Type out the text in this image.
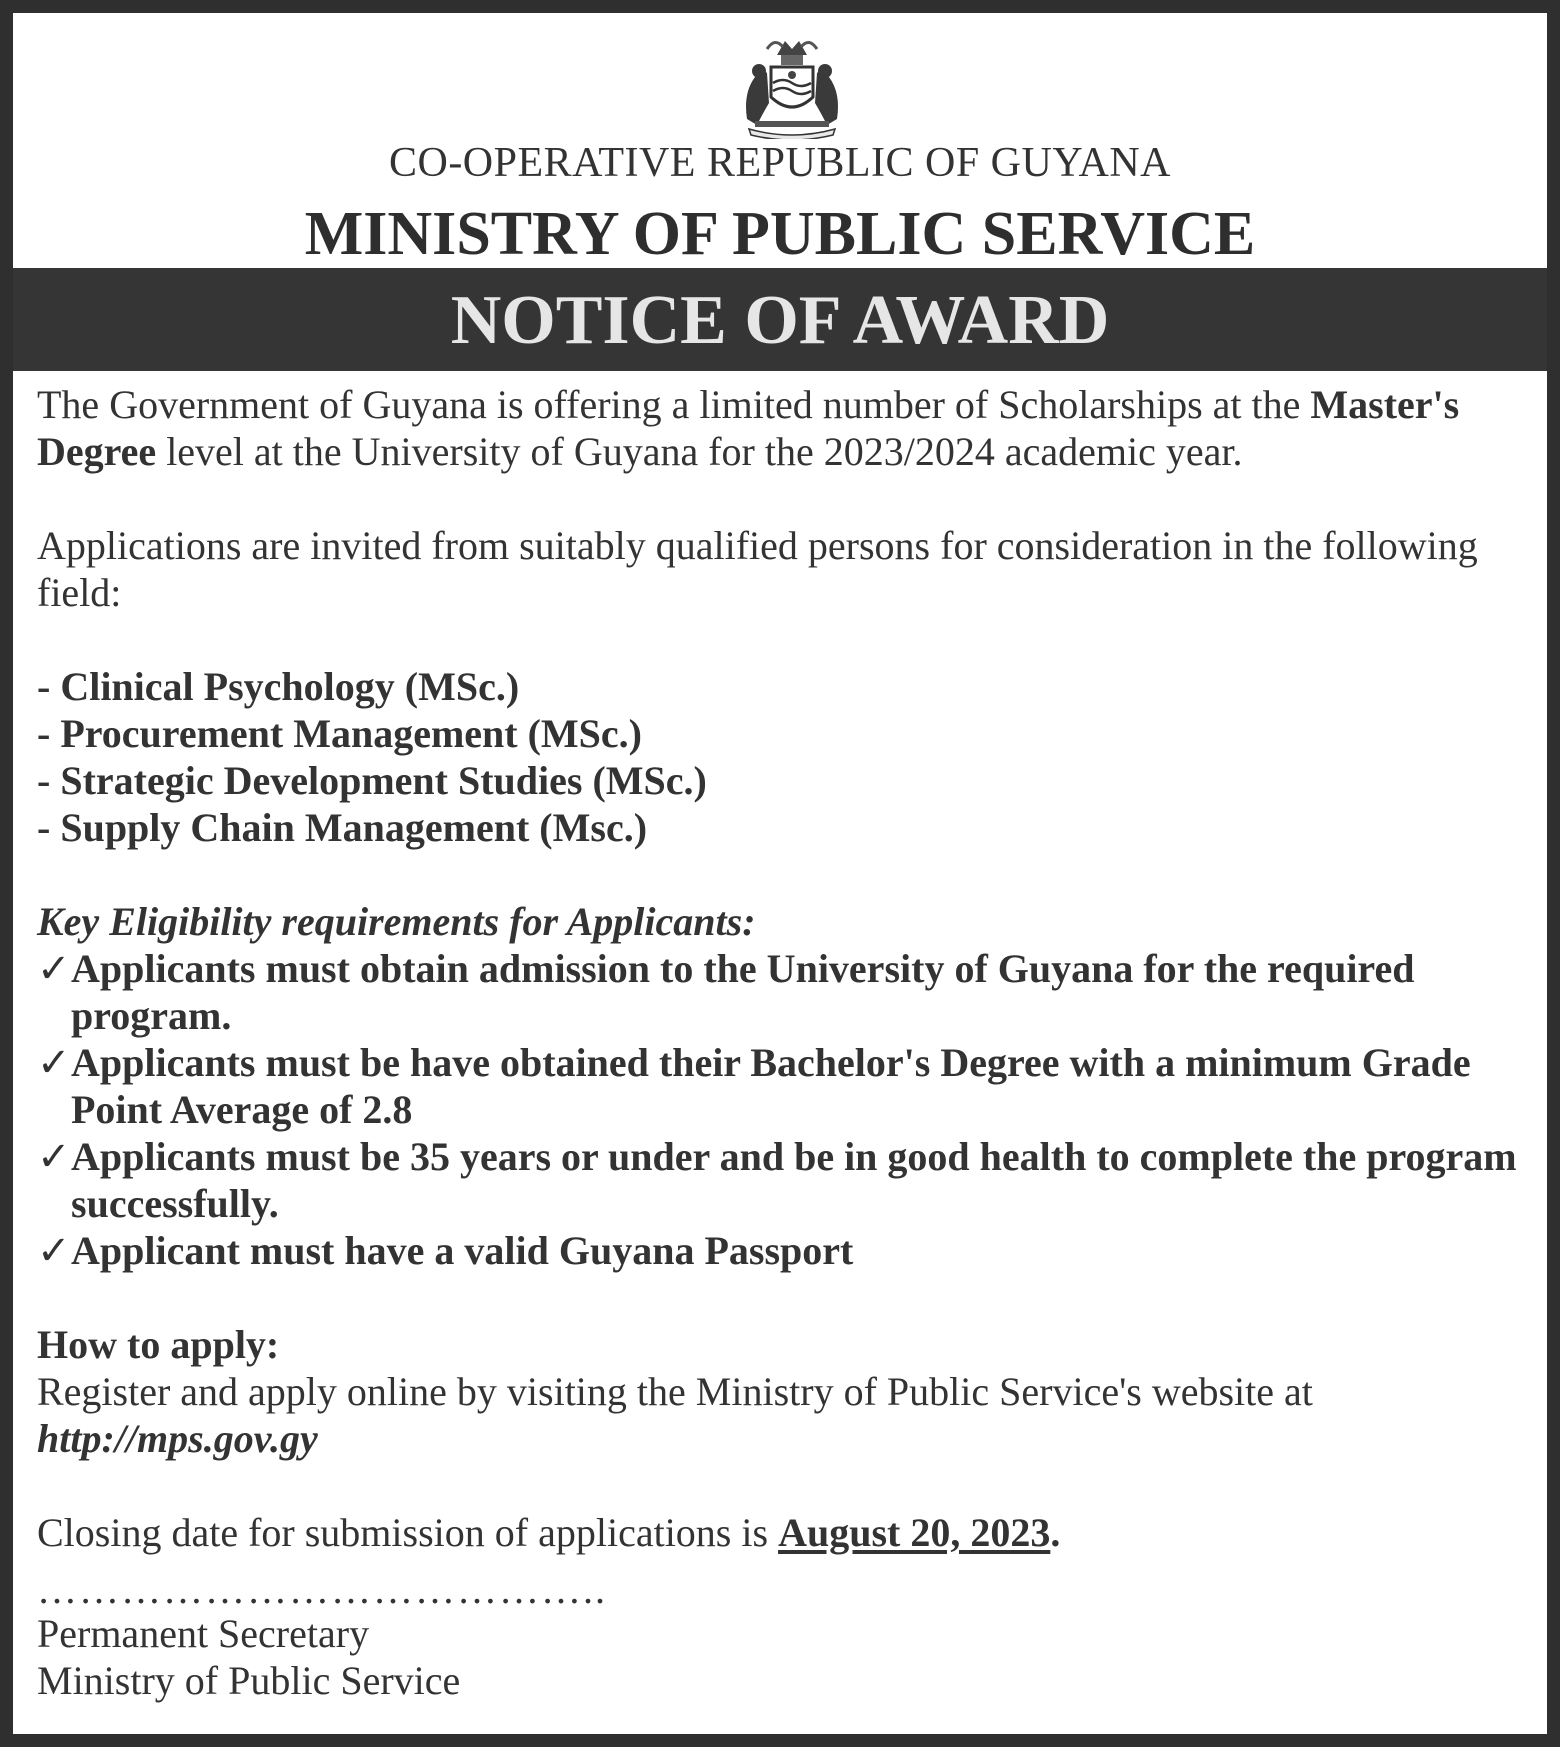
CO-OPERATIVE REPUBLIC OF GUYANA
MINISTRY OF PUBLIC SERVICE
NOTICE OF AWARD

The Government of Guyana is offering a limited number of Scholarships at the Master's Degree level at the University of Guyana for the 2023/2024 academic year.

Applications are invited from suitably qualified persons for consideration in the following field:

- Clinical Psychology (MSc.)
- Procurement Management (MSc.)
- Strategic Development Studies (MSc.)
- Supply Chain Management (Msc.)

Key Eligibility requirements for Applicants:

✓ Applicants must obtain admission to the University of Guyana for the required program.
✓ Applicants must be have obtained their Bachelor's Degree with a minimum Grade Point Average of 2.8
✓ Applicants must be 35 years or under and be in good health to complete the program successfully.
✓ Applicant must have a valid Guyana Passport

How to apply:

Register and apply online by visiting the Ministry of Public Service's website at http://mps.gov.gy

Closing date for submission of applications is August 20, 2023.

…………………………………..

Permanent Secretary

Ministry of Public Service
